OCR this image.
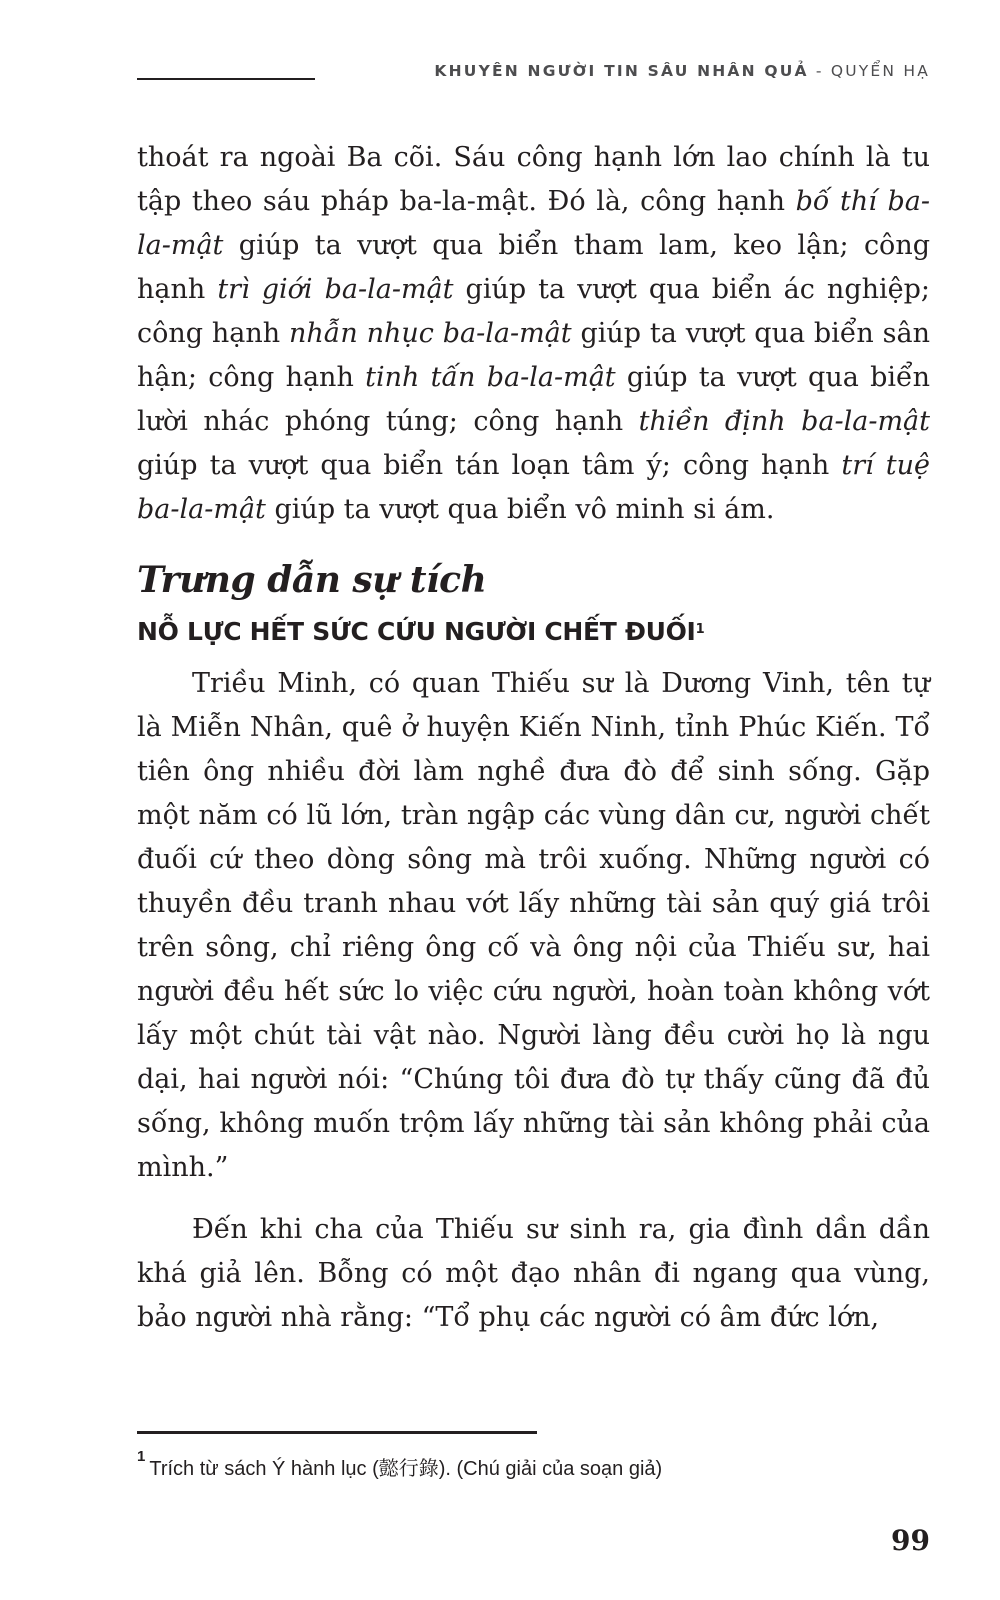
KHUYÊN NGƯỜI TIN SÂU NHÂN QUẢ - QUYỂN HẠ

thoát ra ngoài Ba cõi. Sáu công hạnh lớn lao chính là tu tập theo sáu pháp ba-la-mật. Đó là, công hạnh bố thí ba-la-mật giúp ta vượt qua biển tham lam, keo lận; công hạnh trì giới ba-la-mật giúp ta vượt qua biển ác nghiệp; công hạnh nhẫn nhục ba-la-mật giúp ta vượt qua biển sân hận; công hạnh tinh tấn ba-la-mật giúp ta vượt qua biển lười nhác phóng túng; công hạnh thiền định ba-la-mật giúp ta vượt qua biển tán loạn tâm ý; công hạnh trí tuệ ba-la-mật giúp ta vượt qua biển vô minh si ám.

Trưng dẫn sự tích
NỖ LỰC HẾT SỨC CỨU NGƯỜI CHẾT ĐUỐI$^1$

Triều Minh, có quan Thiếu sư là Dương Vinh, tên tự là Miễn Nhân, quê ở huyện Kiến Ninh, tỉnh Phúc Kiến. Tổ tiên ông nhiều đời làm nghề đưa đò để sinh sống. Gặp một năm có lũ lớn, tràn ngập các vùng dân cư, người chết đuối cứ theo dòng sông mà trôi xuống. Những người có thuyền đều tranh nhau vớt lấy những tài sản quý giá trôi trên sông, chỉ riêng ông cố và ông nội của Thiếu sư, hai người đều hết sức lo việc cứu người, hoàn toàn không vớt lấy một chút tài vật nào. Người làng đều cười họ là ngu dại, hai người nói: “Chúng tôi đưa đò tự thấy cũng đã đủ sống, không muốn trộm lấy những tài sản không phải của mình.”

Đến khi cha của Thiếu sư sinh ra, gia đình dần dần khá giả lên. Bỗng có một đạo nhân đi ngang qua vùng, bảo người nhà rằng: “Tổ phụ các người có âm đức lớn,

$^1$Trích từ sách Ý hành lục (懿行錄). (Chú giải của soạn giả)
99
